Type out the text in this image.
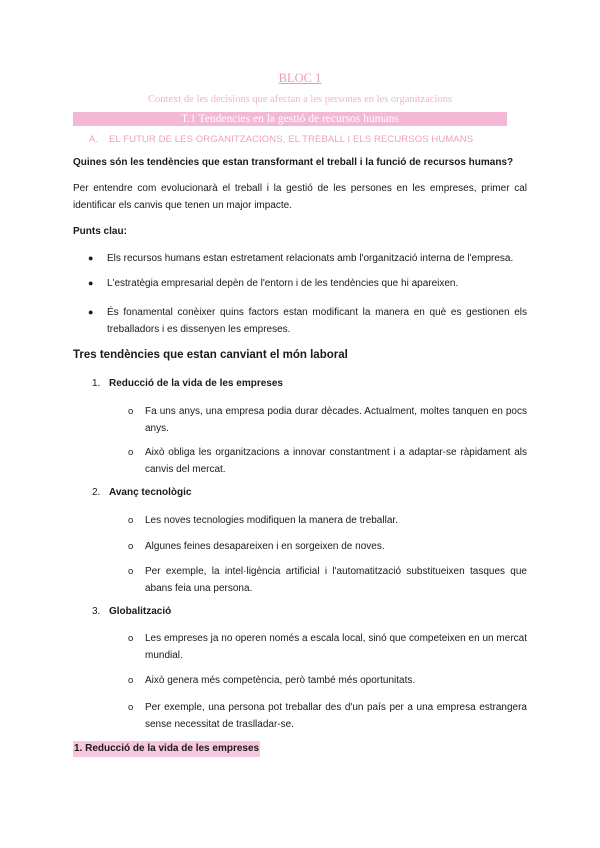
BLOC 1
Context de les decisions que afectan a les persones en les organitzacions
T.1 Tendencies en la gestió de recursos humans
A. EL FUTUR DE LES ORGANITZACIONS, EL TREBALL I ELS RECURSOS HUMANS
Quines són les tendències que estan transformant el treball i la funció de recursos humans?
Per entendre com evolucionarà el treball i la gestió de les persones en les empreses, primer cal identificar els canvis que tenen un major impacte.
Punts clau:
● Els recursos humans estan estretament relacionats amb l'organització interna de l'empresa.
● L'estratègia empresarial depèn de l'entorn i de les tendències que hi apareixen.
● És fonamental conèixer quins factors estan modificant la manera en què es gestionen els treballadors i es dissenyen les empreses.
Tres tendències que estan canviant el món laboral
1. Reducció de la vida de les empreses
o Fa uns anys, una empresa podia durar dècades. Actualment, moltes tanquen en pocs anys.
o Això obliga les organitzacions a innovar constantment i a adaptar-se ràpidament als canvis del mercat.
2. Avanç tecnològic
o Les noves tecnologies modifiquen la manera de treballar.
o Algunes feines desapareixen i en sorgeixen de noves.
o Per exemple, la intel·ligència artificial i l'automatització substitueixen tasques que abans feia una persona.
3. Globalització
o Les empreses ja no operen només a escala local, sinó que competeixen en un mercat mundial.
o Això genera més competència, però també més oportunitats.
o Per exemple, una persona pot treballar des d'un país per a una empresa estrangera sense necessitat de traslladar-se.
1. Reducció de la vida de les empreses
